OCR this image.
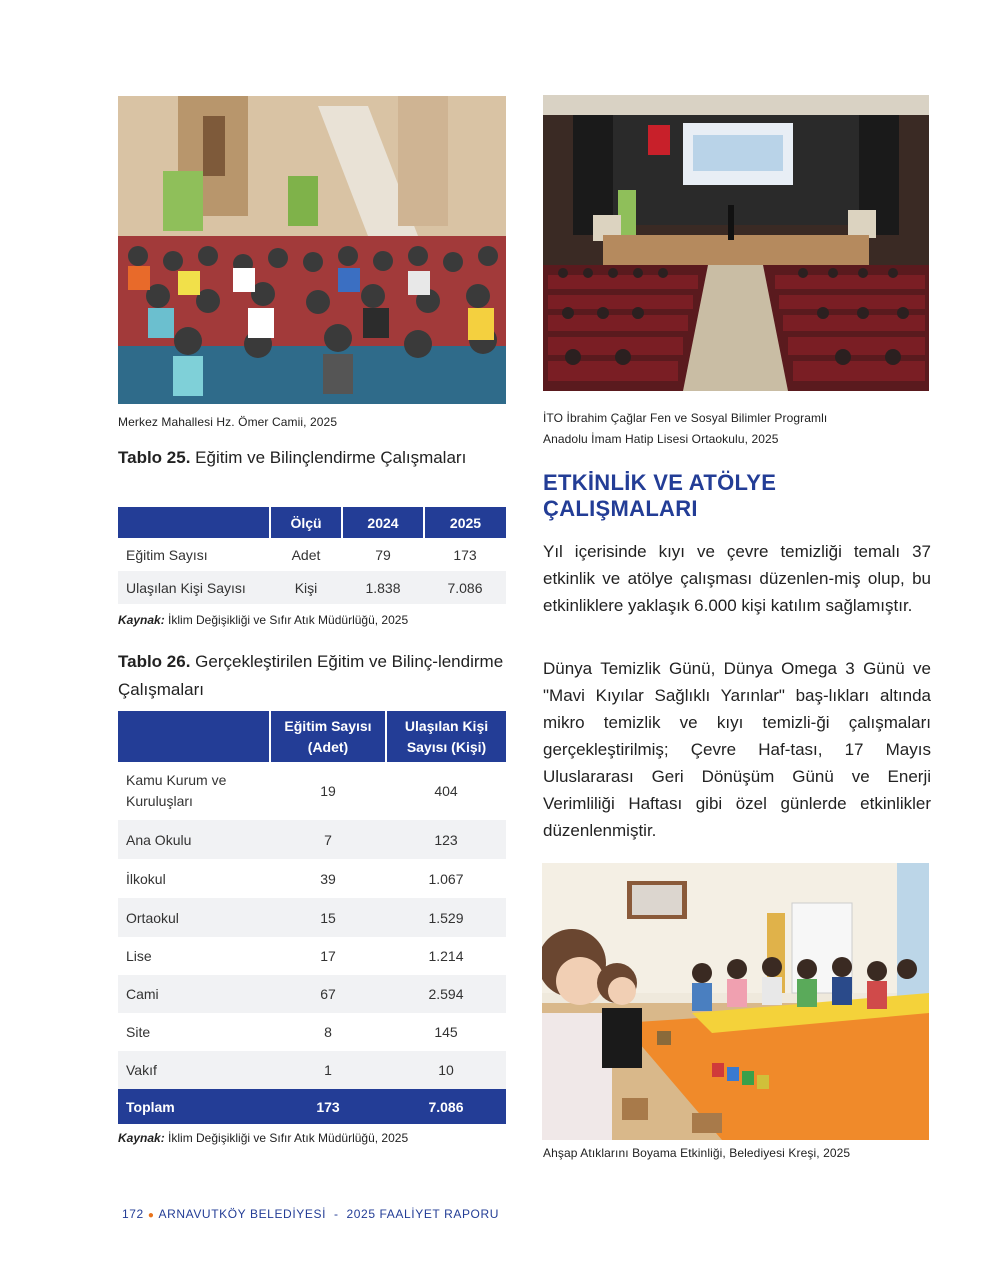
Merkez Mahallesi Hz. Ömer Camii, 2025	İTO İbrahim Çağlar Fen ve Sosyal Bilimler Programlı
Anadolu İmam Hatip Lisesi Ortaokulu, 2025
Tablo 25. Eğitim ve Bilinçlendirme Çalışmaları
	Ölçü	2024	2025
Eğitim Sayısı	Adet	79	173
Ulaşılan Kişi Sayısı	Kişi	1.838	7.086
Kaynak: İklim Değişikliği ve Sıfır Atık Müdürlüğü, 2025
Tablo 26. Gerçekleştirilen Eğitim ve Bilinç-lendirme Çalışmaları
	Eğitim Sayısı (Adet)	Ulaşılan Kişi Sayısı (Kişi)
Kamu Kurum ve Kuruluşları	19	404
Ana Okulu	7	123
İlkokul	39	1.067
Ortaokul	15	1.529
Lise	17	1.214
Cami	67	2.594
Site	8	145
Vakıf	1	10
Toplam	173	7.086
Kaynak: İklim Değişikliği ve Sıfır Atık Müdürlüğü, 2025
ETKİNLİK VE ATÖLYE
ÇALIŞMALARI
Yıl içerisinde kıyı ve çevre temizliği temalı 37 etkinlik ve atölye çalışması düzenlen-miş olup, bu etkinliklere yaklaşık 6.000 kişi katılım sağlamıştır.
Dünya Temizlik Günü, Dünya Omega 3 Günü ve "Mavi Kıyılar Sağlıklı Yarınlar" baş-lıkları altında mikro temizlik ve kıyı temizli-ği çalışmaları gerçekleştirilmiş; Çevre Haf-tası, 17 Mayıs Uluslararası Geri Dönüşüm Günü ve Enerji Verimliliği Haftası gibi özel günlerde etkinlikler düzenlenmiştir.
Ahşap Atıklarını Boyama Etkinliği, Belediyesi Kreşi, 2025
172 ● ARNAVUTKÖY BELEDİYESİ - 2025 FAALİYET RAPORU
